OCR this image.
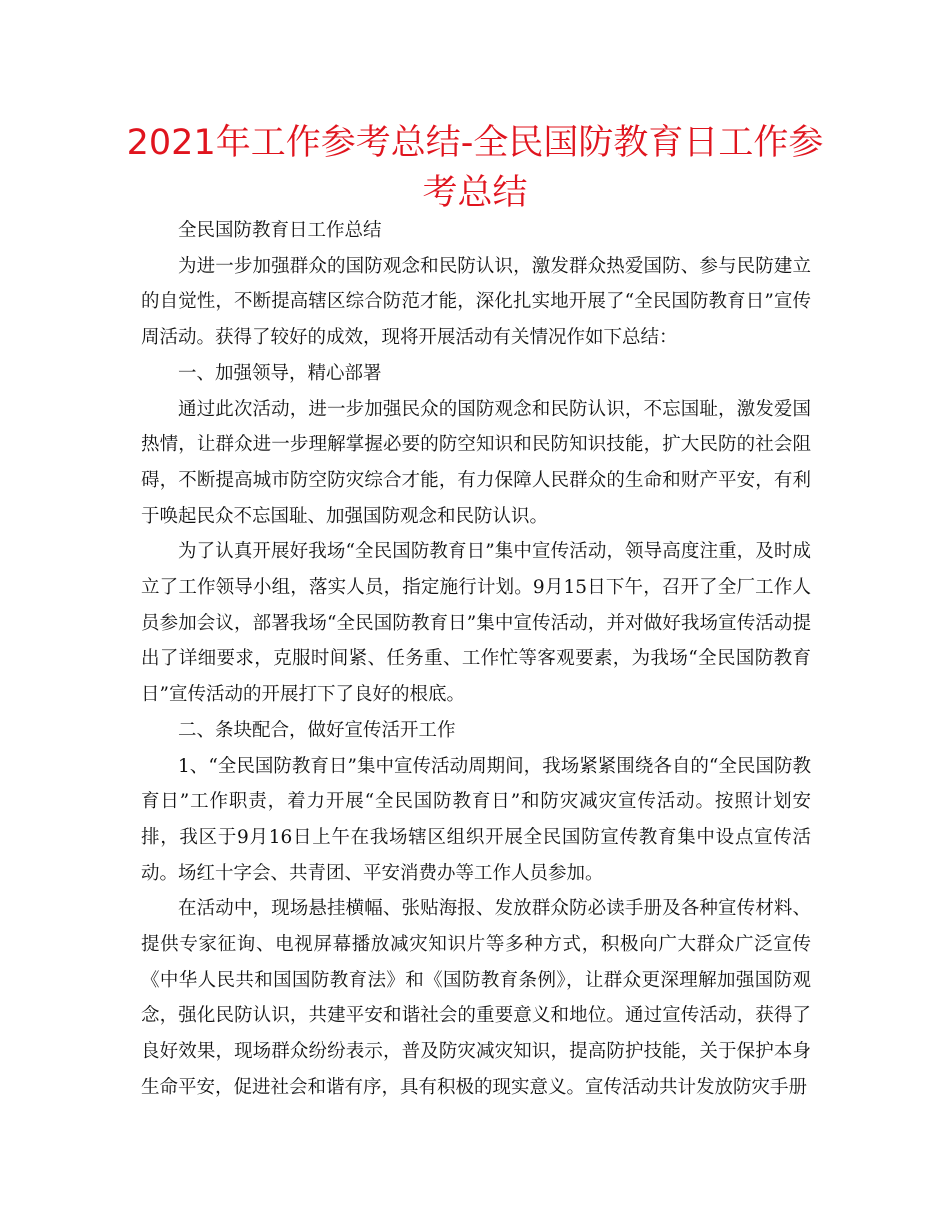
2021年工作参考总结-全民国防教育日工作参考总结

全民国防教育日工作总结

为进一步加强群众的国防观念和民防认识，激发群众热爱国防、参与民防建立的自觉性，不断提高辖区综合防范才能，深化扎实地开展了“全民国防教育日”宣传周活动。获得了较好的成效，现将开展活动有关情况作如下总结：

一、加强领导，精心部署

通过此次活动，进一步加强民众的国防观念和民防认识，不忘国耻，激发爱国热情，让群众进一步理解掌握必要的防空知识和民防知识技能，扩大民防的社会阻碍，不断提高城市防空防灾综合才能，有力保障人民群众的生命和财产平安，有利于唤起民众不忘国耻、加强国防观念和民防认识。

为了认真开展好我场“全民国防教育日”集中宣传活动，领导高度注重，及时成立了工作领导小组，落实人员，指定施行计划。9月15日下午，召开了全厂工作人员参加会议，部署我场“全民国防教育日”集中宣传活动，并对做好我场宣传活动提出了详细要求，克服时间紧、任务重、工作忙等客观要素，为我场“全民国防教育日”宣传活动的开展打下了良好的根底。

二、条块配合，做好宣传活开工作

1、“全民国防教育日”集中宣传活动周期间，我场紧紧围绕各自的“全民国防教育日”工作职责，着力开展“全民国防教育日”和防灾减灾宣传活动。按照计划安排，我区于9月16日上午在我场辖区组织开展全民国防宣传教育集中设点宣传活动。场红十字会、共青团、平安消费办等工作人员参加。

在活动中，现场悬挂横幅、张贴海报、发放群众防必读手册及各种宣传材料、提供专家征询、电视屏幕播放减灾知识片等多种方式，积极向广大群众广泛宣传《中华人民共和国国防教育法》和《国防教育条例》，让群众更深理解加强国防观念，强化民防认识，共建平安和谐社会的重要意义和地位。通过宣传活动，获得了良好效果，现场群众纷纷表示，普及防灾减灾知识，提高防护技能，关于保护本身生命平安，促进社会和谐有序，具有积极的现实意义。宣传活动共计发放防灾手册
